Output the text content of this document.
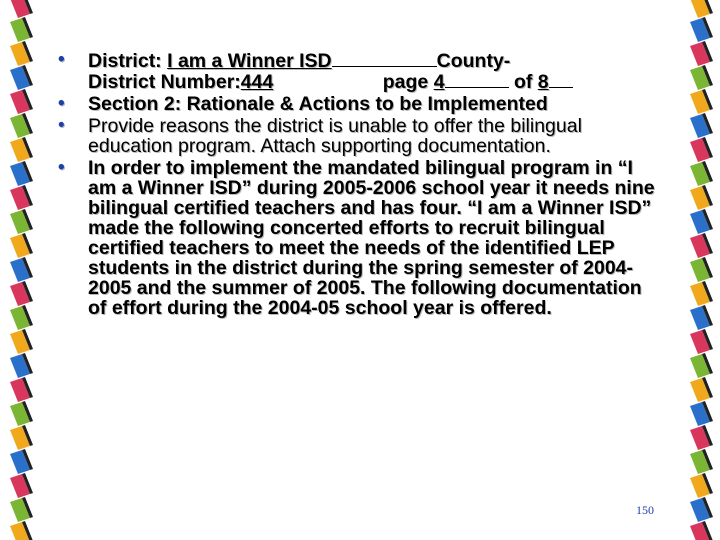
• District: I am a Winner ISD	County-
District Number:444	page 4	of 8
• Section 2: Rationale & Actions to be Implemented
• Provide reasons the district is unable to offer the bilingual education program. Attach supporting documentation.
• In order to implement the mandated bilingual program in “I am a Winner ISD” during 2005-2006 school year it needs nine bilingual certified teachers and has four. “I am a Winner ISD” made the following concerted efforts to recruit bilingual certified teachers to meet the needs of the identified LEP students in the district during the spring semester of 2004-2005 and the summer of 2005. The following documentation of effort during the 2004-05 school year is offered.
150
